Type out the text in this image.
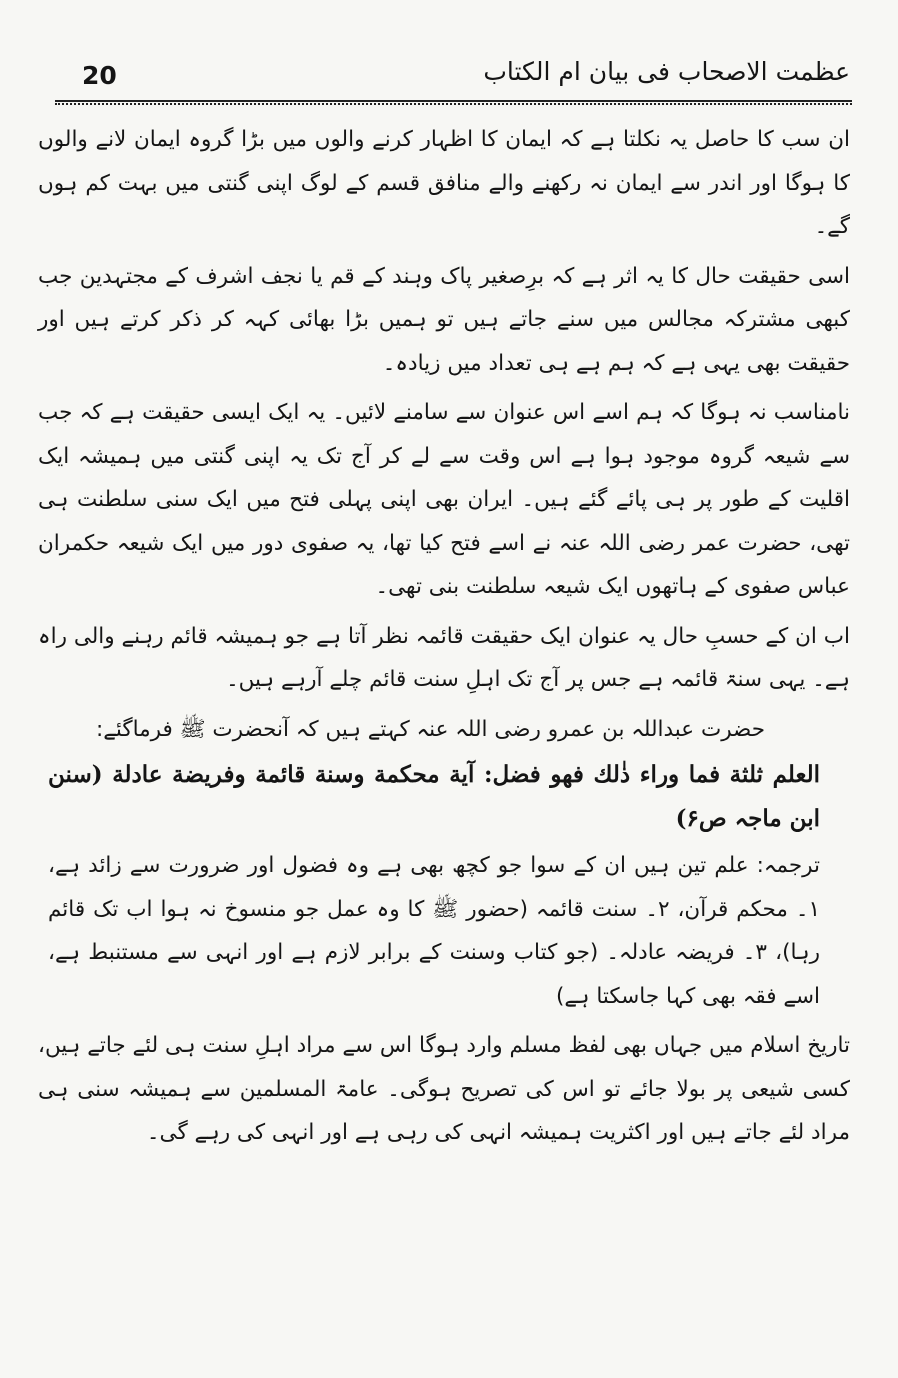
20	عظمت الاصحاب فی بیان ام الکتاب

ان سب کا حاصل یہ نکلتا ہے کہ ایمان کا اظہار کرنے والوں میں بڑا گروہ ایمان لانے والوں کا ہوگا اور اندر سے ایمان نہ رکھنے والے منافق قسم کے لوگ اپنی گنتی میں بہت کم ہوں گے۔

اسی حقیقت حال کا یہ اثر ہے کہ برِصغیر پاک وہند کے قم یا نجف اشرف کے مجتہدین جب کبھی مشترکہ مجالس میں سنے جاتے ہیں تو ہمیں بڑا بھائی کہہ کر ذکر کرتے ہیں اور حقیقت بھی یہی ہے کہ ہم ہے ہی تعداد میں زیادہ۔

نامناسب نہ ہوگا کہ ہم اسے اس عنوان سے سامنے لائیں۔ یہ ایک ایسی حقیقت ہے کہ جب سے شیعہ گروہ موجود ہوا ہے اس وقت سے لے کر آج تک یہ اپنی گنتی میں ہمیشہ ایک اقلیت کے طور پر ہی پائے گئے ہیں۔ ایران بھی اپنی پہلی فتح میں ایک سنی سلطنت ہی تھی، حضرت عمر رضی اللہ عنہ نے اسے فتح کیا تھا، یہ صفوی دور میں ایک شیعہ حکمران عباس صفوی کے ہاتھوں ایک شیعہ سلطنت بنی تھی۔

اب ان کے حسبِ حال یہ عنوان ایک حقیقت قائمہ نظر آتا ہے جو ہمیشہ قائم رہنے والی راہ ہے۔ یہی سنۃ قائمہ ہے جس پر آج تک اہلِ سنت قائم چلے آرہے ہیں۔

حضرت عبداللہ بن عمرو رضی اللہ عنہ کہتے ہیں کہ آنحضرت ﷺ فرماگئے:

العلم ثلثة فما وراء ذٰلك فهو فضل: آية محكمة وسنة قائمة وفريضة عادلة (سنن ابن ماجہ ص۶)

ترجمہ: علم تین ہیں ان کے سوا جو کچھ بھی ہے وہ فضول اور ضرورت سے زائد ہے، ۱۔ محکم قرآن، ۲۔ سنت قائمہ (حضور ﷺ کا وہ عمل جو منسوخ نہ ہوا اب تک قائم رہا)، ۳۔ فریضہ عادلہ۔ (جو کتاب وسنت کے برابر لازم ہے اور انہی سے مستنبط ہے، اسے فقہ بھی کہا جاسکتا ہے)

تاریخ اسلام میں جہاں بھی لفظ مسلم وارد ہوگا اس سے مراد اہلِ سنت ہی لئے جاتے ہیں، کسی شیعی پر بولا جائے تو اس کی تصریح ہوگی۔ عامۃ المسلمین سے ہمیشہ سنی ہی مراد لئے جاتے ہیں اور اکثریت ہمیشہ انہی کی رہی ہے اور انہی کی رہے گی۔
